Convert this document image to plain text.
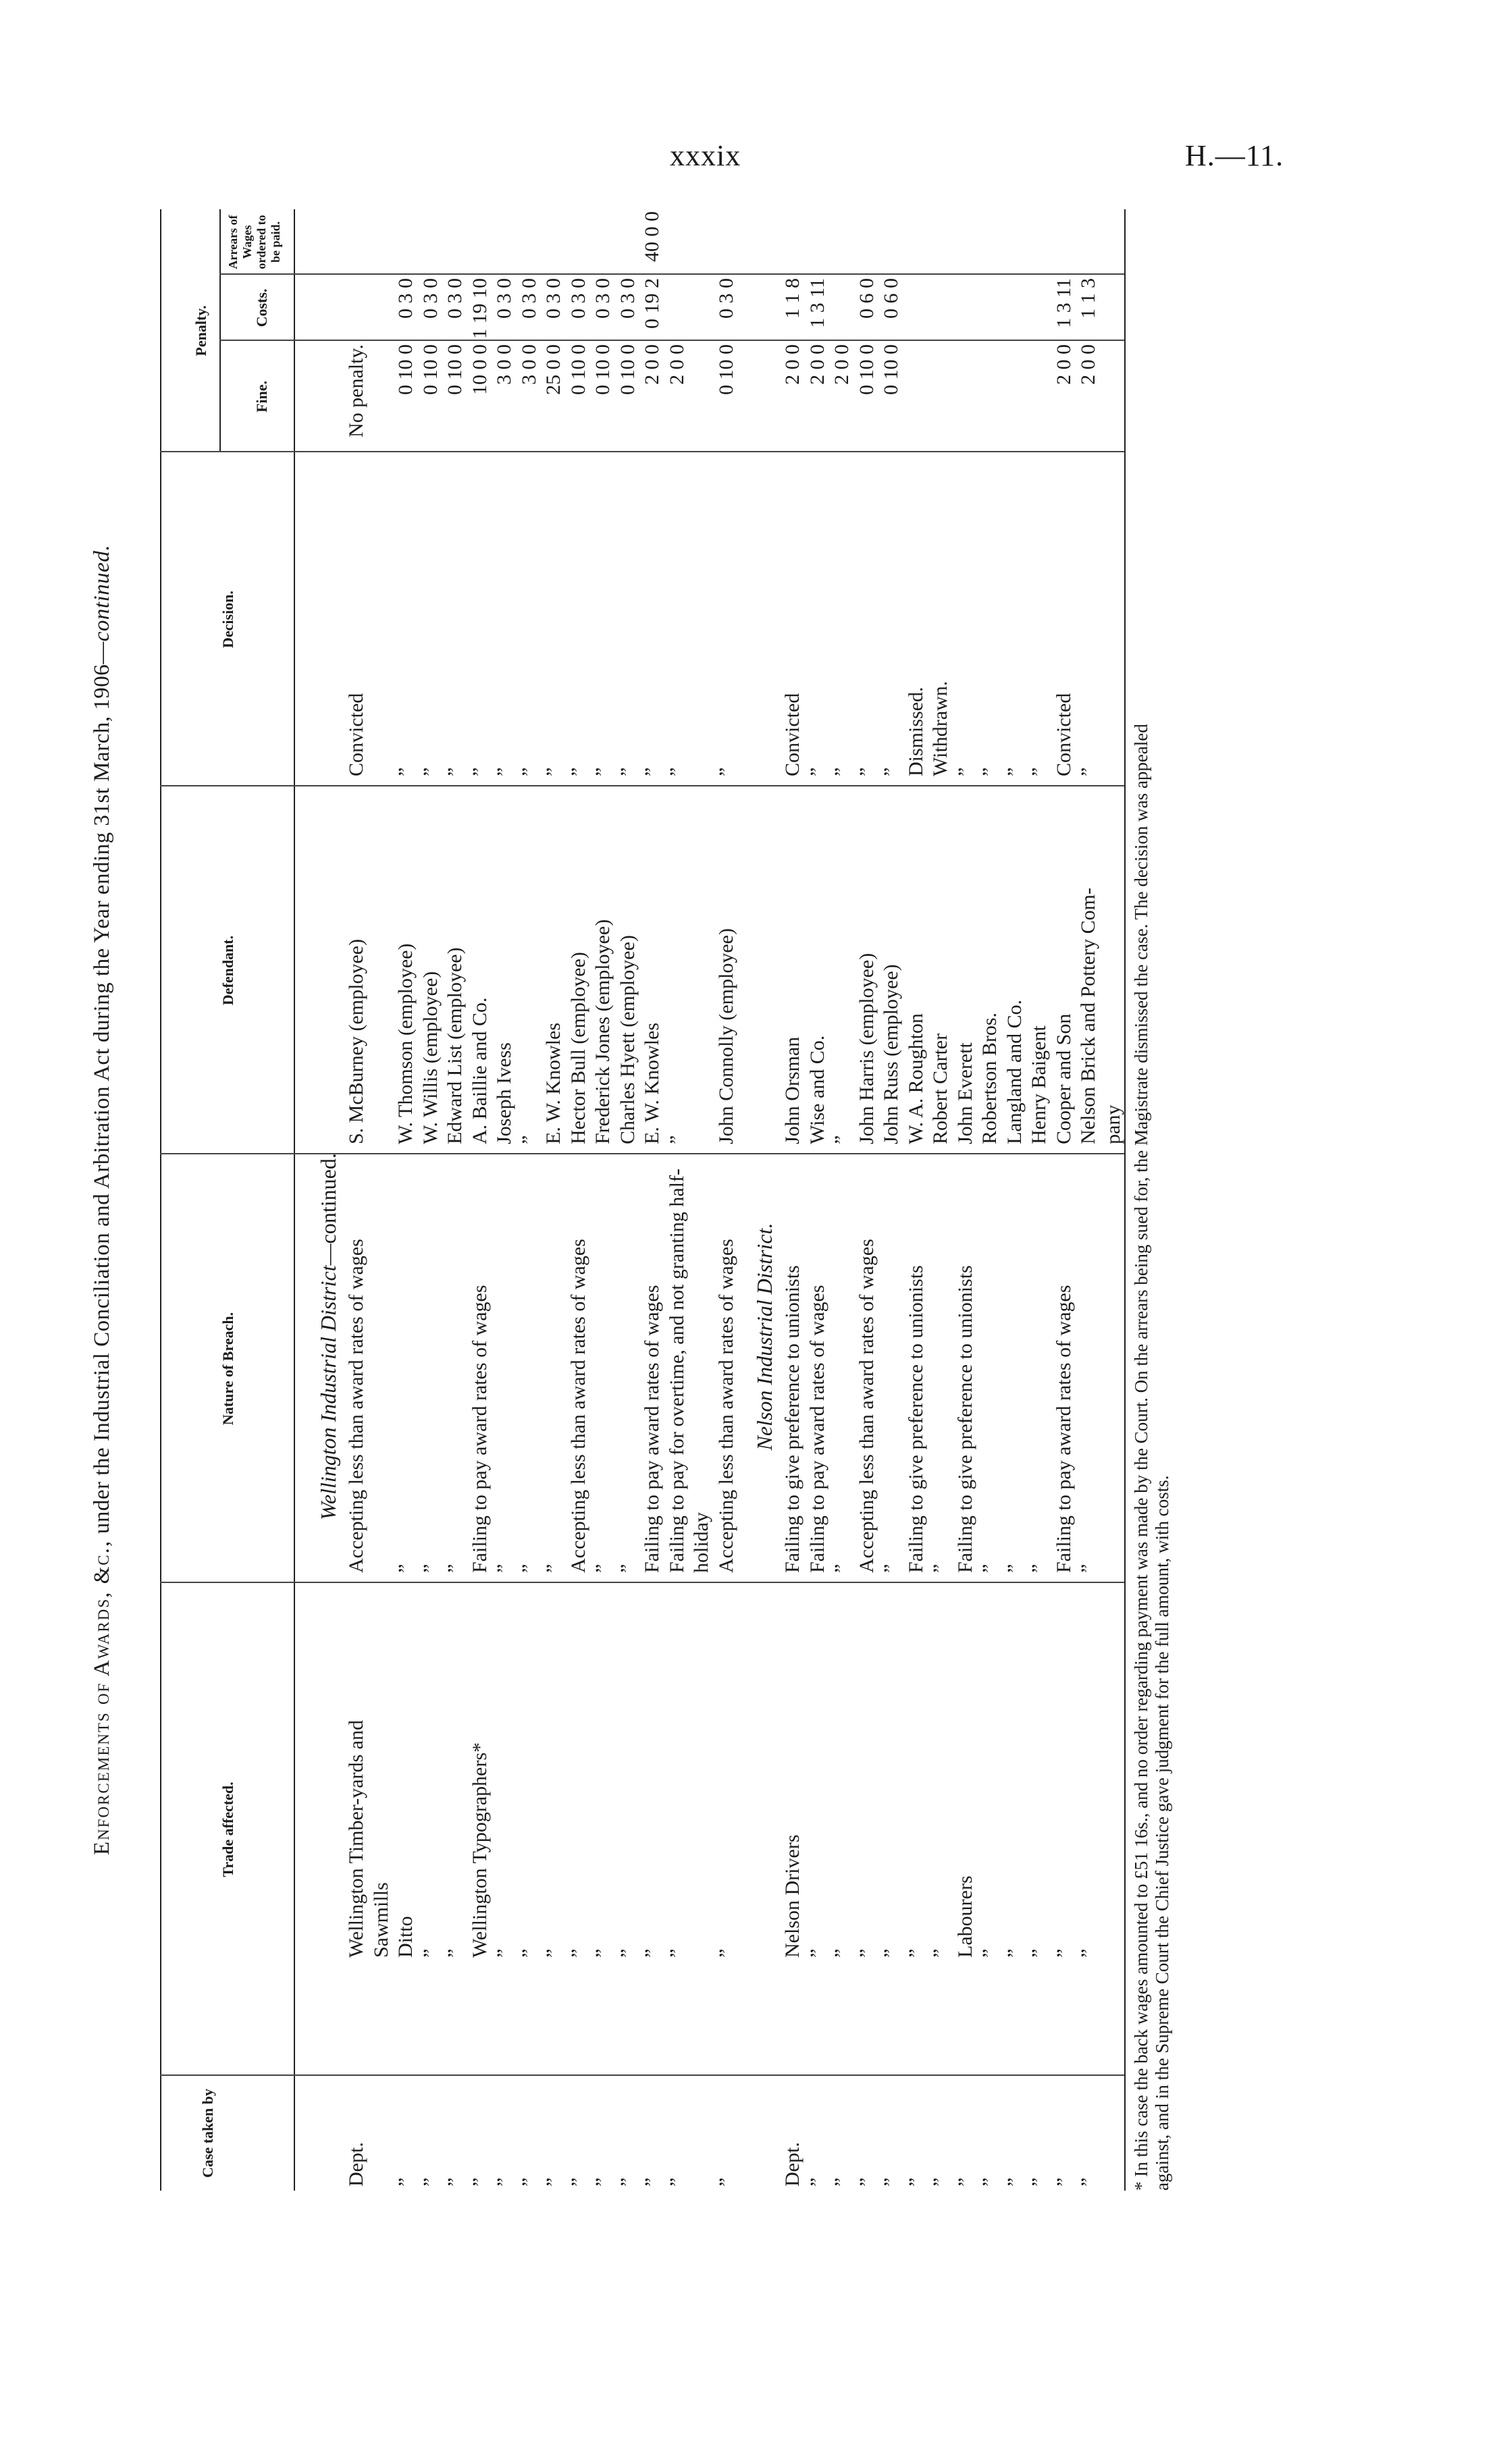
xxxix	H.—11.
Enforcements of Awards, &c., under the Industrial Conciliation and Arbitration Act during the Year ending 31st March, 1906—continued.
Case taken by
Trade affected.
Nature of Breach.
Defendant.
Decision.
Penalty.
Fine.
Costs.
Arrears of Wages ordered to be paid.
Wellington Industrial District—continued.
Dept.
Wellington Timber-yards and
Accepting less than award rates of wages
S. McBurney (employee)
Convicted
No penalty.
Sawmills
”
Ditto
”
W. Thomson (employee)
”
0 10 0
0 3 0
”
”
”
W. Willis (employee)
”
0 10 0
0 3 0
”
”
”
Edward List (employee)
”
0 10 0
0 3 0
”
Wellington Typographers*
Failing to pay award rates of wages
A. Baillie and Co.
”
10 0 0
1 19 10
”
”
”
Joseph Ivess
”
3 0 0
0 3 0
”
”
”
”
”
3 0 0
0 3 0
”
”
”
E. W. Knowles
”
25 0 0
0 3 0
”
”
Accepting less than award rates of wages
Hector Bull (employee)
”
0 10 0
0 3 0
”
”
”
Frederick Jones (employee)
”
0 10 0
0 3 0
”
”
”
Charles Hyett (employee)
”
0 10 0
0 3 0
”
”
Failing to pay award rates of wages
E. W. Knowles
”
2 0 0
0 19 2
40 0 0
”
”
Failing to pay for overtime, and not granting half-
”
”
2 0 0
holiday
”
”
Accepting less than award rates of wages
John Connolly (employee)
”
0 10 0
0 3 0
Nelson Industrial District.
Dept.
Nelson Drivers
Failing to give preference to unionists
John Orsman
Convicted
2 0 0
1 1 8
”
”
Failing to pay award rates of wages
Wise and Co.
”
2 0 0
1 3 11
”
”
”
”
”
2 0 0
”
”
Accepting less than award rates of wages
John Harris (employee)
”
0 10 0
0 6 0
”
”
”
John Russ (employee)
”
0 10 0
0 6 0
”
”
Failing to give preference to unionists
W. A. Roughton
Dismissed.
”
”
”
Robert Carter
Withdrawn.
”
Labourers
Failing to give preference to unionists
John Everett
”
”
”
”
Robertson Bros.
”
”
”
”
Langland and Co.
”
”
”
”
Henry Baigent
”
”
”
Failing to pay award rates of wages
Cooper and Son
Convicted
2 0 0
1 3 11
”
”
”
Nelson Brick and Pottery Com-
”
2 0 0
1 1 3
pany * In this case the back wages amounted to £51 16s., and no order regarding payment was made by the Court. On the arrears being sued for, the Magistrate dismissed the case. The decision was appealed against, and in the Supreme Court the Chief Justice gave judgment for the full amount, with costs.
